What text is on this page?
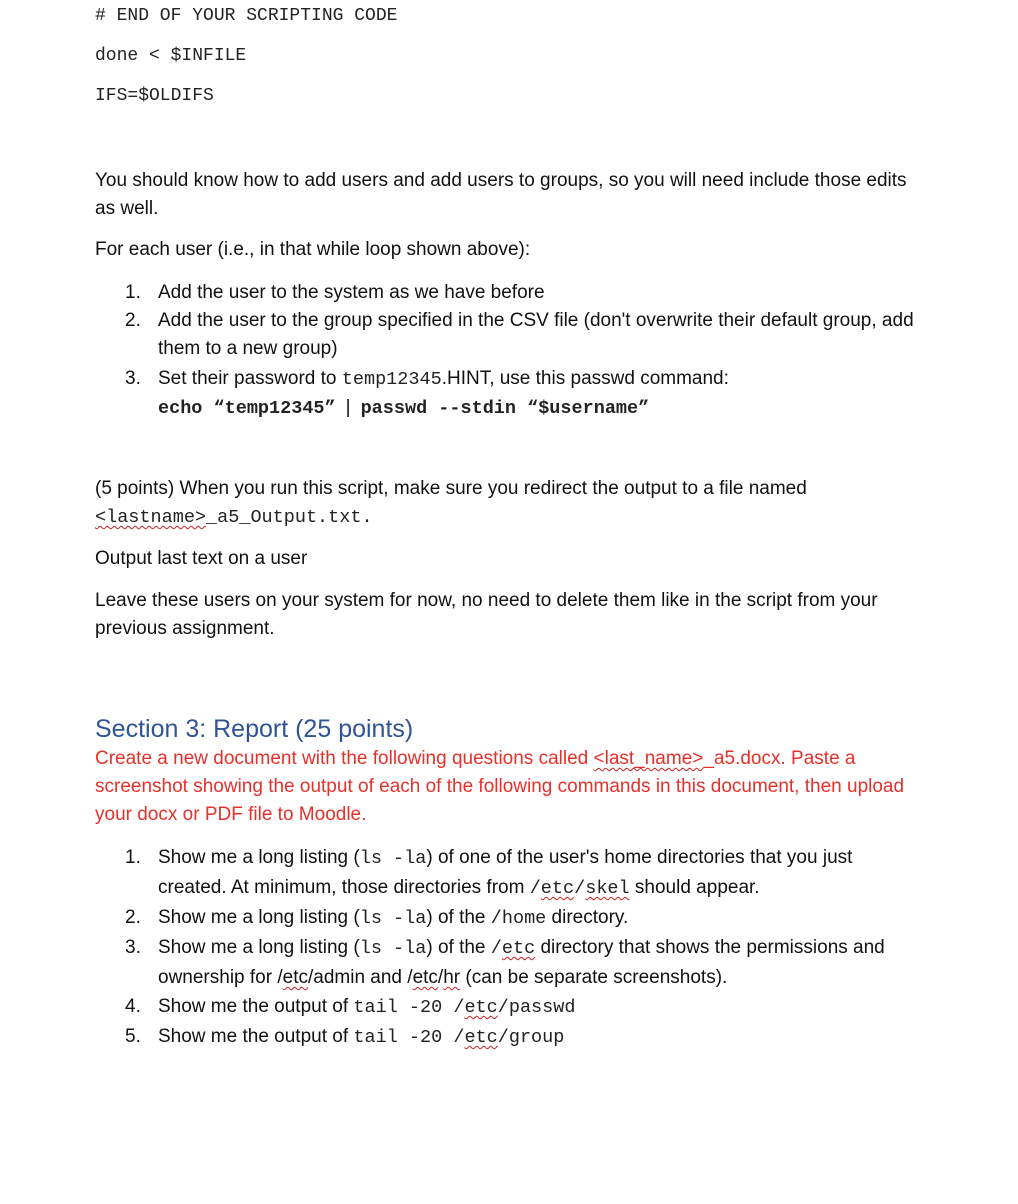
# END OF YOUR SCRIPTING CODE
done < $INFILE
IFS=$OLDIFS
You should know how to add users and add users to groups, so you will need include those edits as well.
For each user (i.e., in that while loop shown above):
1. Add the user to the system as we have before
2. Add the user to the group specified in the CSV file (don't overwrite their default group, add them to a new group)
3. Set their password to temp12345.HINT, use this passwd command:
echo “temp12345” | passwd --stdin “$username”
(5 points) When you run this script, make sure you redirect the output to a file named
<lastname>_a5_Output.txt.
Output last text on a user
Leave these users on your system for now, no need to delete them like in the script from your previous assignment.
Section 3: Report (25 points)
Create a new document with the following questions called <last_name>_a5.docx. Paste a screenshot showing the output of each of the following commands in this document, then upload your docx or PDF file to Moodle.
1. Show me a long listing (ls -la) of one of the user's home directories that you just created. At minimum, those directories from /etc/skel should appear.
2. Show me a long listing (ls -la) of the /home directory.
3. Show me a long listing (ls -la) of the /etc directory that shows the permissions and ownership for /etc/admin and /etc/hr (can be separate screenshots).
4. Show me the output of tail -20 /etc/passwd
5. Show me the output of tail -20 /etc/group
